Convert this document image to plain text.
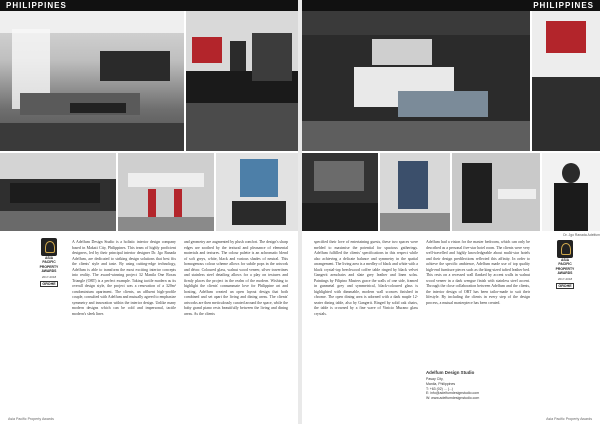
PHILIPPINES
ASIA PACIFIC
PROPERTY
AWARDS
2017-2018
GROHE

A Adelfum Design Studio is a holistic interior design company based in Makati City, Philippines. This team of highly proficient designers, led by their principal interior designer Dr. Jgo Ranada Adelfum, are dedicated to striking design solutions that best fits the clients' style and taste. By using cutting-edge technology, Adelfum is able to transform the most exciting interior concepts into reality. The award-winning project 32 Manila One Roxas Triangle (ORT) is a perfect example. Taking tactile modern as its overall design style, the project was a renovation of a 320m² condominium apartment. The clients, an affluent high-profile couple, consulted with Adelfum and mutually agreed to emphasize symmetry and innovation within the interior design. Unlike many modern designs which can be cold and impersonal, tactile modern's sleek lines

and geometry are augmented by plush comfort. The design's sharp edges are soothed by the textural and pleasance of elemental materials and textures. The colour palette is an achromatic blend of soft greys, white, black and various shades of neutral. This homogenous colour scheme allows for subtle pops in the artwork and décor. Coloured glass, walnut wood veneer, silver travertines and stainless steel detailing allows for a play on textures and firmly places the project in the realm of the modern. Wishing to highlight the clients' consummate love for Philippine art and hosting, Adelfum created an open layout design that both combined and set apart the living and dining areas. The clients' artworks are then meticulously curated around the space, while the baby grand piano rests beautifully between the living and dining areas. As the clients

Asia Pacific Property Awards
PHILIPPINES
Dr. Jgo Ranada Adelfum

specified their love of entertaining guests, these two spaces were melded to maximise the potential for spacious gatherings. Adelfum fulfilled the clients' specifications in this respect while also achieving a delicate balance and symmetry in the spatial arrangement. The living area is a medley of black and white with a black crystal-top beechwood coffee table ringed by black velvet Gangerit armchairs and slate grey leather and linen sofas. Paintings by Filipino Masters grace the walls of one side, framed in gunmetal grey and symmetrical, black-coloured glass is highlighted with dimmable, modern wall sconces finished in chrome. The open dining area is adorned with a dark maple 12-seater dining table, also by Gangerit. Ringed by solid oak chairs, the table is crowned by a fine wave of Vinicio Murano glass crystals.

Adelfum had a vision for the master bedroom, which can only be described as a personal five-star hotel room. The clients were very well-travelled and highly knowledgeable about multi-star hotels and their design predilections reflected this affinity. In order to achieve the specific ambience, Adelfum made use of top quality high-end furniture pieces such as the king-sized tufted leather bed. This rests on a recessed wall flanked by accent walls in walnut wood veneer in a dark wengue finish with stainless steel accent. Through the close collaboration between Adelfum and the clients, the interior design of ORT has been tailor-made to suit their lifestyle. By including the clients in every step of the design process, a mutual masterpiece has been created.

ASIA PACIFIC
PROPERTY
AWARDS
2017-2018
GROHE
Adelfum Design Studio
Pasay City,
Manila, Philippines
T: +63 (02) ... (...)
E: info@adelfumdesignstudio.com
W: www.adelfumdesignstudio.com
Asia Pacific Property Awards
